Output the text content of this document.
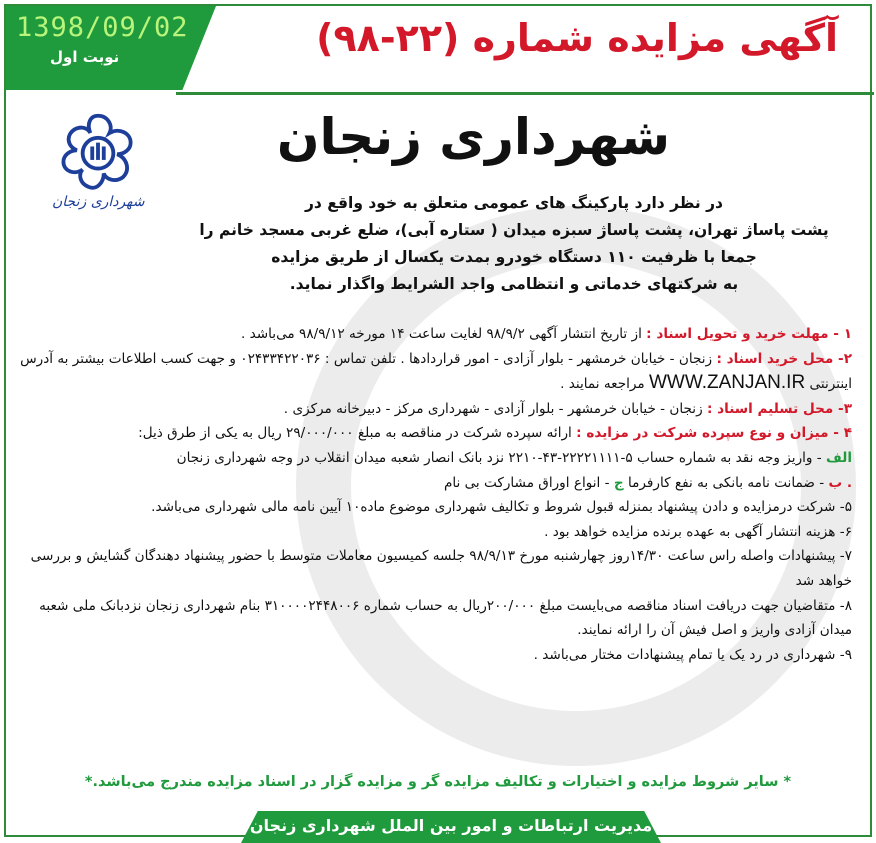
1398/09/02
نوبت اول	آگهی مزایده شماره (۲۲-۹۸)
شهرداری زنجان
شهرداری زنجان
در نظر دارد پارکینگ های عمومی متعلق به خود واقع در
پشت پاساژ تهران، پشت پاساژ سبزه میدان ( ستاره آبی)، ضلع غربی مسجد خانم را
جمعا با ظرفیت ۱۱۰ دستگاه خودرو بمدت یکسال از طریق مزایده
به شرکتهای خدماتی و انتظامی واجد الشرایط واگذار نماید.

۱ - مهلت خرید و تحویل اسناد : از تاریخ انتشار آگهی ۹۸/۹/۲ لغایت ساعت ۱۴ مورخه ۹۸/۹/۱۲ می‌باشد .

۲- محل خرید اسناد : زنجان - خیابان خرمشهر - بلوار آزادی - امور قراردادها . تلفن تماس : ۰۲۴۳۳۴۲۲۰۳۶ و جهت کسب اطلاعات بیشتر به آدرس اینترنتی WWW.ZANJAN.IR مراجعه نمایند .

۳- محل تسلیم اسناد : زنجان - خیابان خرمشهر - بلوار آزادی - شهرداری مرکز - دبیرخانه مرکزی .

۴ - میزان و نوع سپرده شرکت در مزایده : ارائه سپرده شرکت در مناقصه به مبلغ ۲۹/۰۰۰/۰۰۰ ریال به یکی از طرق ذیل:

الف - واریز وجه نقد به شماره حساب ۵-۲۲۲۲۱۱۱۱-۴۳-۲۲۱۰ نزد بانک انصار شعبه میدان انقلاب در وجه شهرداری زنجان

. ب - ضمانت نامه بانکی به نفع کارفرما ج - انواع اوراق مشارکت بی نام

۵- شرکت درمزایده و دادن پیشنهاد بمنزله قبول شروط و تکالیف شهرداری موضوع ماده۱۰ آیین نامه مالی شهرداری می‌باشد.

۶- هزینه انتشار آگهی به عهده برنده مزایده خواهد بود .

۷- پیشنهادات واصله راس ساعت ۱۴/۳۰روز چهارشنبه مورخ ۹۸/۹/۱۳ جلسه کمیسیون معاملات متوسط با حضور پیشنهاد دهندگان گشایش و بررسی خواهد شد

۸- متقاضیان جهت دریافت اسناد مناقصه می‌بایست مبلغ ۲۰۰/۰۰۰ریال به حساب شماره ۳۱۰۰۰۰۲۴۴۸۰۰۶ بنام شهرداری زنجان نزدبانک ملی شعبه میدان آزادی واریز و اصل فیش آن را ارائه نمایند.

۹- شهرداری در رد یک یا تمام پیشنهادات مختار می‌باشد .

* سایر شروط مزایده و اختیارات و تکالیف مزایده گر و مزایده گزار در اسناد مزایده مندرج می‌باشد.*
مدیریت ارتباطات و امور بین الملل شهرداری زنجان
